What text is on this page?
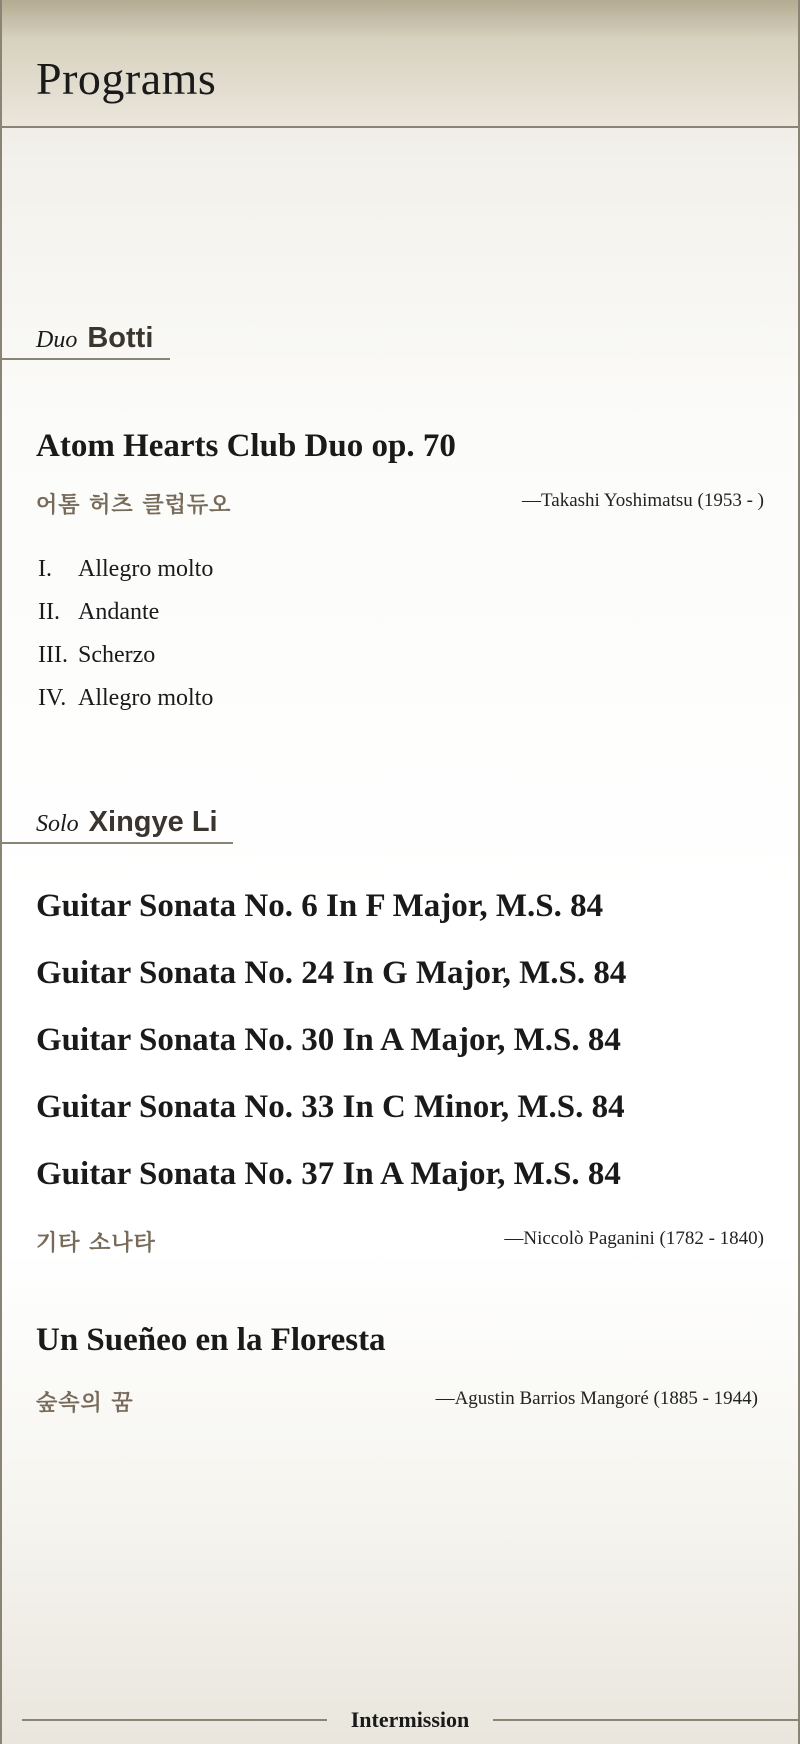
Programs
Duo Botti
Atom Hearts Club Duo op. 70
어톰 허츠 클럽듀오	—Takashi Yoshimatsu (1953 - )
I. Allegro molto
II. Andante
III. Scherzo
IV. Allegro molto
Solo Xingye Li
Guitar Sonata No. 6 In F Major, M.S. 84
Guitar Sonata No. 24 In G Major, M.S. 84
Guitar Sonata No. 30 In A Major, M.S. 84
Guitar Sonata No. 33 In C Minor, M.S. 84
Guitar Sonata No. 37 In A Major, M.S. 84
기타 소나타	—Niccolò Paganini (1782 - 1840)
Un Sueñeo en la Floresta
숲속의 꿈	—Agustin Barrios Mangoré (1885 - 1944)
Intermission
